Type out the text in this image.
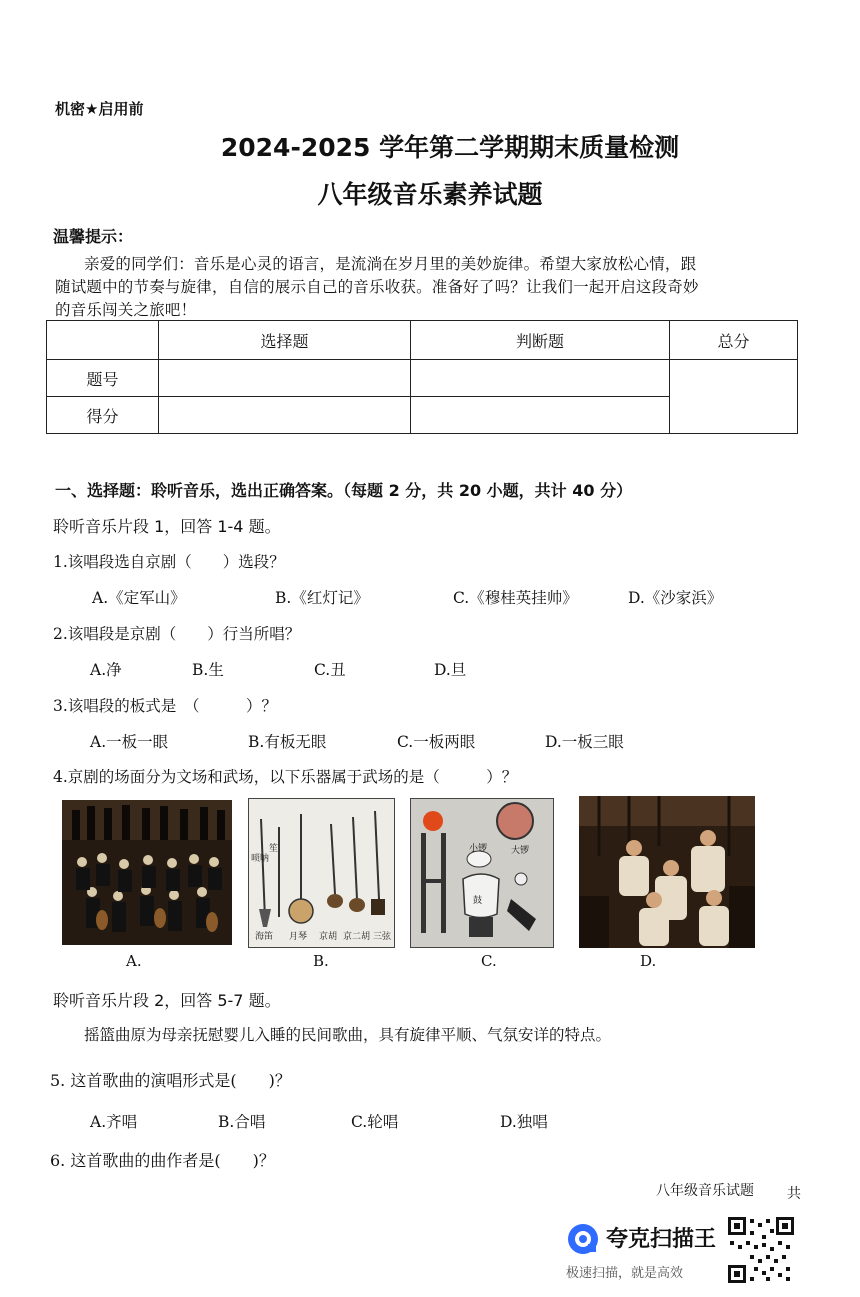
机密★启用前
2024-2025 学年第二学期期末质量检测
八年级音乐素养试题
温馨提示：
亲爱的同学们：音乐是心灵的语言，是流淌在岁月里的美妙旋律。希望大家放松心情，跟
随试题中的节奏与旋律，自信的展示自己的音乐收获。准备好了吗？让我们一起开启这段奇妙
的音乐闯关之旅吧！
	选择题	判断题	总分
题号			
得分			
一、选择题：聆听音乐，选出正确答案。（每题 2 分，共 20 小题，共计 40 分）
聆听音乐片段 1，回答 1-4 题。
1.该唱段选自京剧（　　）选段？
A.《定军山》	B.《红灯记》	C.《穆桂英挂帅》	D.《沙家浜》
2.该唱段是京剧（　　）行当所唱？
A.净	B.生	C.丑	D.旦
3.该唱段的板式是　（　　　）？
A.一板一眼	B.有板无眼	C.一板两眼	D.一板三眼
4.京剧的场面分为文场和武场，以下乐器属于武场的是（　　　）？
A.
唢呐
笙
海笛 月琴 京胡 京二胡 三弦
B.
小锣	大锣
鼓
C.	D.
聆听音乐片段 2，回答 5-7 题。
摇篮曲原为母亲抚慰婴儿入睡的民间歌曲，具有旋律平顺、气氛安详的特点。
5. 这首歌曲的演唱形式是(　　)？
A.齐唱	B.合唱	C.轮唱	D.独唱
6. 这首歌曲的曲作者是(　　)？
八年级音乐试题 共
夸克扫描王
极速扫描，就是高效
